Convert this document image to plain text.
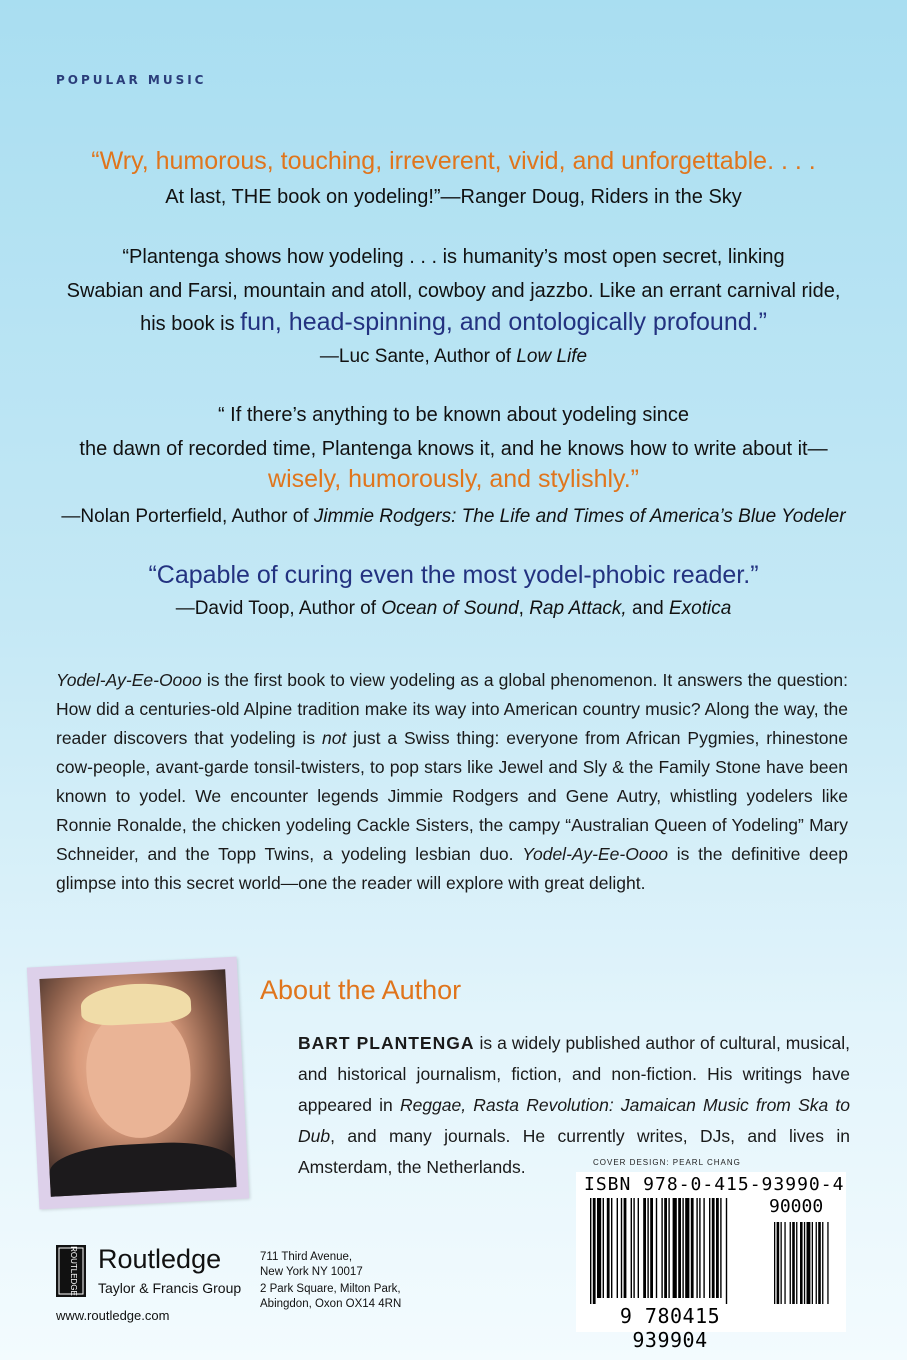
POPULAR MUSIC
“Wry, humorous, touching, irreverent, vivid, and unforgettable. . . .
At last, THE book on yodeling!”—Ranger Doug, Riders in the Sky
“Plantenga shows how yodeling . . . is humanity’s most open secret, linking
Swabian and Farsi, mountain and atoll, cowboy and jazzbo. Like an errant carnival ride,
his book is fun, head-spinning, and ontologically profound.”
—Luc Sante, Author of Low Life
“ If there’s anything to be known about yodeling since
the dawn of recorded time, Plantenga knows it, and he knows how to write about it—
wisely, humorously, and stylishly.”
—Nolan Porterfield, Author of Jimmie Rodgers: The Life and Times of America’s Blue Yodeler
“Capable of curing even the most yodel-phobic reader.”
—David Toop, Author of Ocean of Sound, Rap Attack, and Exotica
Yodel-Ay-Ee-Oooo is the first book to view yodeling as a global phenomenon. It answers the question: How did a centuries-old Alpine tradition make its way into American country music? Along the way, the reader discovers that yodeling is not just a Swiss thing: everyone from African Pygmies, rhinestone cow-people, avant-garde tonsil-twisters, to pop stars like Jewel and Sly & the Family Stone have been known to yodel. We encounter legends Jimmie Rodgers and Gene Autry, whistling yodelers like Ronnie Ronalde, the chicken yodeling Cackle Sisters, the campy “Australian Queen of Yodeling” Mary Schneider, and the Topp Twins, a yodeling lesbian duo. Yodel-Ay-Ee-Oooo is the definitive deep glimpse into this secret world—one the reader will explore with great delight.
About the Author
BART PLANTENGA is a widely published author of cultural, musical, and historical journalism, fiction, and non-fiction. His writings have appeared in Reggae, Rasta Revolution: Jamaican Music from Ska to Dub, and many journals. He currently writes, DJs, and lives in Amsterdam, the Netherlands.	COVER DESIGN: PEARL CHANG
ISBN 978-0-415-93990-4
90000
9 780415 939904
ROUTLEDGE Routledge
Taylor & Francis Group
www.routledge.com
711 Third Avenue,
New York NY 10017
2 Park Square, Milton Park,
Abingdon, Oxon OX14 4RN
